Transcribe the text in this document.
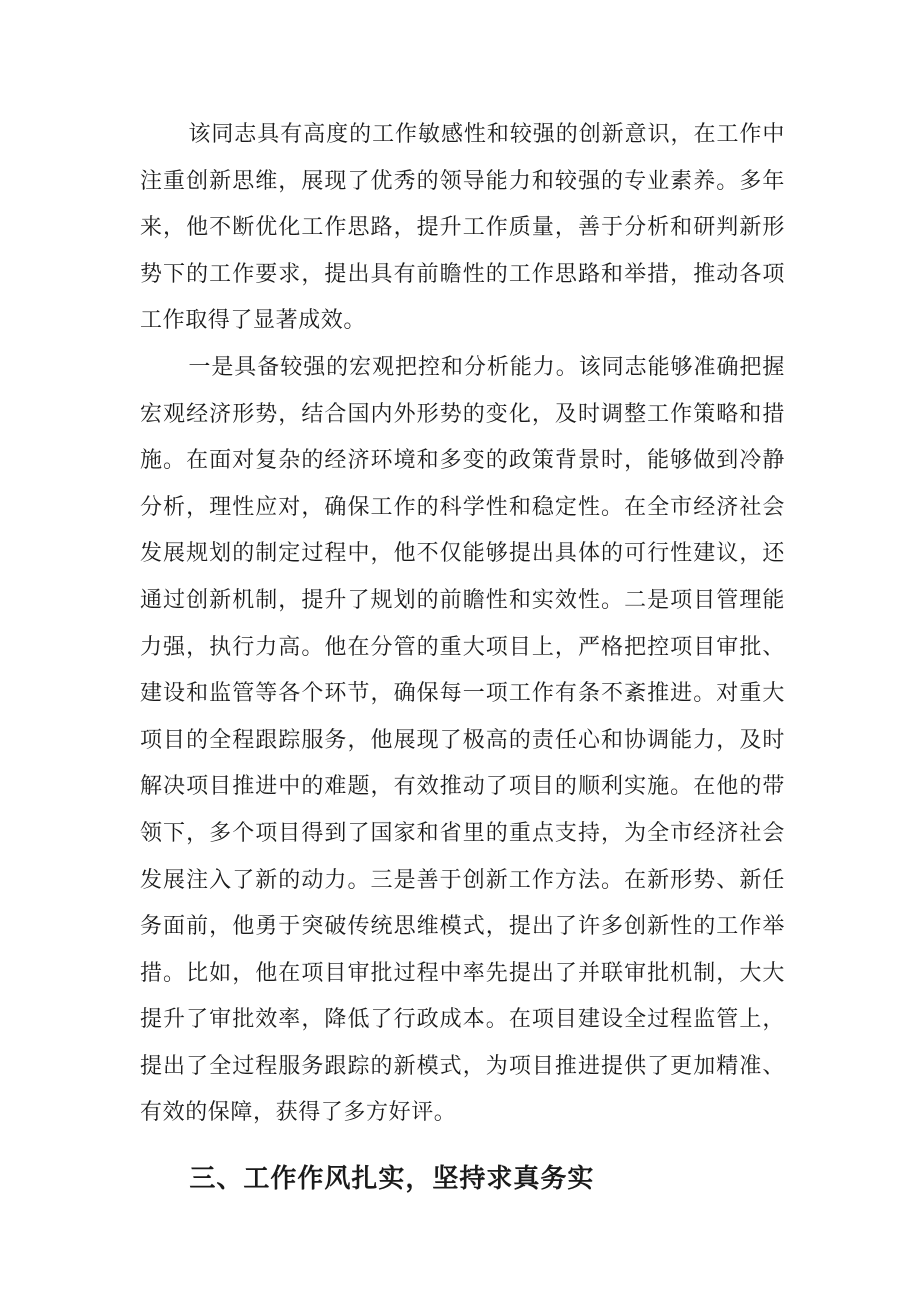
该同志具有高度的工作敏感性和较强的创新意识，在工作中注重创新思维，展现了优秀的领导能力和较强的专业素养。多年来，他不断优化工作思路，提升工作质量，善于分析和研判新形势下的工作要求，提出具有前瞻性的工作思路和举措，推动各项工作取得了显著成效。

一是具备较强的宏观把控和分析能力。该同志能够准确把握宏观经济形势，结合国内外形势的变化，及时调整工作策略和措施。在面对复杂的经济环境和多变的政策背景时，能够做到冷静分析，理性应对，确保工作的科学性和稳定性。在全市经济社会发展规划的制定过程中，他不仅能够提出具体的可行性建议，还通过创新机制，提升了规划的前瞻性和实效性。二是项目管理能力强，执行力高。他在分管的重大项目上，严格把控项目审批、建设和监管等各个环节，确保每一项工作有条不紊推进。对重大项目的全程跟踪服务，他展现了极高的责任心和协调能力，及时解决项目推进中的难题，有效推动了项目的顺利实施。在他的带领下，多个项目得到了国家和省里的重点支持，为全市经济社会发展注入了新的动力。三是善于创新工作方法。在新形势、新任务面前，他勇于突破传统思维模式，提出了许多创新性的工作举措。比如，他在项目审批过程中率先提出了并联审批机制，大大提升了审批效率，降低了行政成本。在项目建设全过程监管上，提出了全过程服务跟踪的新模式，为项目推进提供了更加精准、有效的保障，获得了多方好评。

三、工作作风扎实，坚持求真务实
